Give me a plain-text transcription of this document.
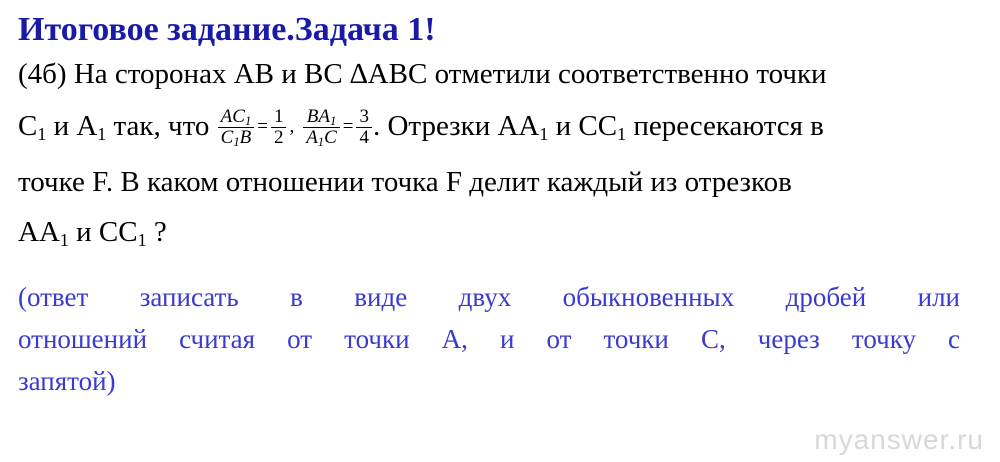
Итоговое задание.Задача 1!
(4б) На сторонах АВ и ВС ∆АВС отметили соответственно точки
$C_1$ и $A_1$ так, что $\frac{AC_1}{C_1B} = \frac{1}{2}$ , $\frac{BA_1}{A_1C} = \frac{3}{4}$ . Отрезки $AA_1$ и $CC_1$ пересекаются в
точке F. В каком отношении точка F делит каждый из отрезков
$AA_1$ и $CC_1$ ?
(ответ записать в виде двух обыкновенных дробей или
отношений считая от точки A, и от точки C, через точку с
запятой)
myanswer.ru
